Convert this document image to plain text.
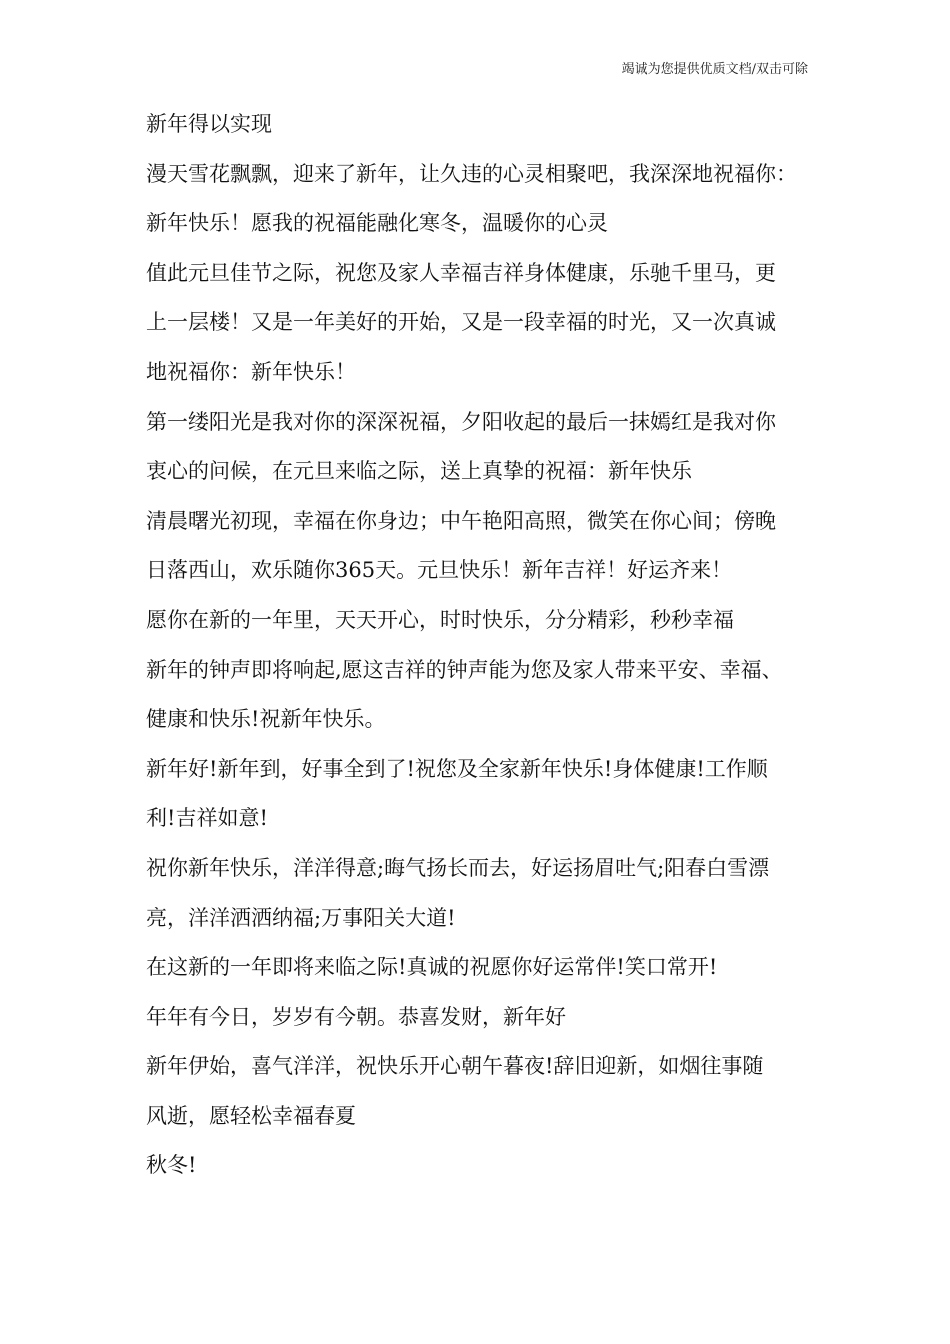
竭诚为您提供优质文档/双击可除
新年得以实现
漫天雪花飘飘，迎来了新年，让久违的心灵相聚吧，我深深地祝福你：
新年快乐！愿我的祝福能融化寒冬，温暖你的心灵
值此元旦佳节之际，祝您及家人幸福吉祥身体健康，乐驰千里马，更
上一层楼！又是一年美好的开始，又是一段幸福的时光，又一次真诚
地祝福你：新年快乐！
第一缕阳光是我对你的深深祝福，夕阳收起的最后一抹嫣红是我对你
衷心的问候，在元旦来临之际，送上真挚的祝福：新年快乐
清晨曙光初现，幸福在你身边；中午艳阳高照，微笑在你心间；傍晚
日落西山，欢乐随你365天。元旦快乐！新年吉祥！好运齐来！
愿你在新的一年里，天天开心，时时快乐，分分精彩，秒秒幸福
新年的钟声即将响起,愿这吉祥的钟声能为您及家人带来平安、幸福、
健康和快乐!祝新年快乐。
新年好!新年到，好事全到了!祝您及全家新年快乐!身体健康!工作顺
利!吉祥如意!
祝你新年快乐，洋洋得意;晦气扬长而去，好运扬眉吐气;阳春白雪漂
亮，洋洋洒洒纳福;万事阳关大道!
在这新的一年即将来临之际!真诚的祝愿你好运常伴!笑口常开!
年年有今日，岁岁有今朝。恭喜发财，新年好
新年伊始，喜气洋洋，祝快乐开心朝午暮夜!辞旧迎新，如烟往事随
风逝，愿轻松幸福春夏
秋冬!
